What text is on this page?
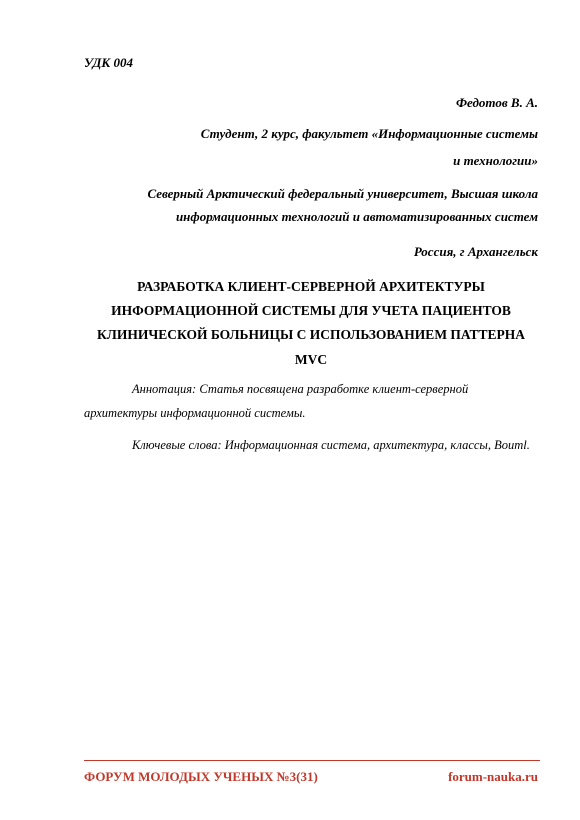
УДК 004
Федотов В. А.
Студент, 2 курс, факультет «Информационные системы
и технологии»
Северный Арктический федеральный университет, Высшая школа
информационных технологий и автоматизированных систем
Россия, г Архангельск
РАЗРАБОТКА КЛИЕНТ-СЕРВЕРНОЙ АРХИТЕКТУРЫ
ИНФОРМАЦИОННОЙ СИСТЕМЫ ДЛЯ УЧЕТА ПАЦИЕНТОВ
КЛИНИЧЕСКОЙ БОЛЬНИЦЫ С ИСПОЛЬЗОВАНИЕМ ПАТТЕРНА
MVC
Аннотация: Статья посвящена разработке клиент-серверной
архитектуры информационной системы.
Ключевые слова: Информационная система, архитектура, классы, Bouml.
ФОРУМ МОЛОДЫХ УЧЕНЫХ №3(31)	forum-nauka.ru
